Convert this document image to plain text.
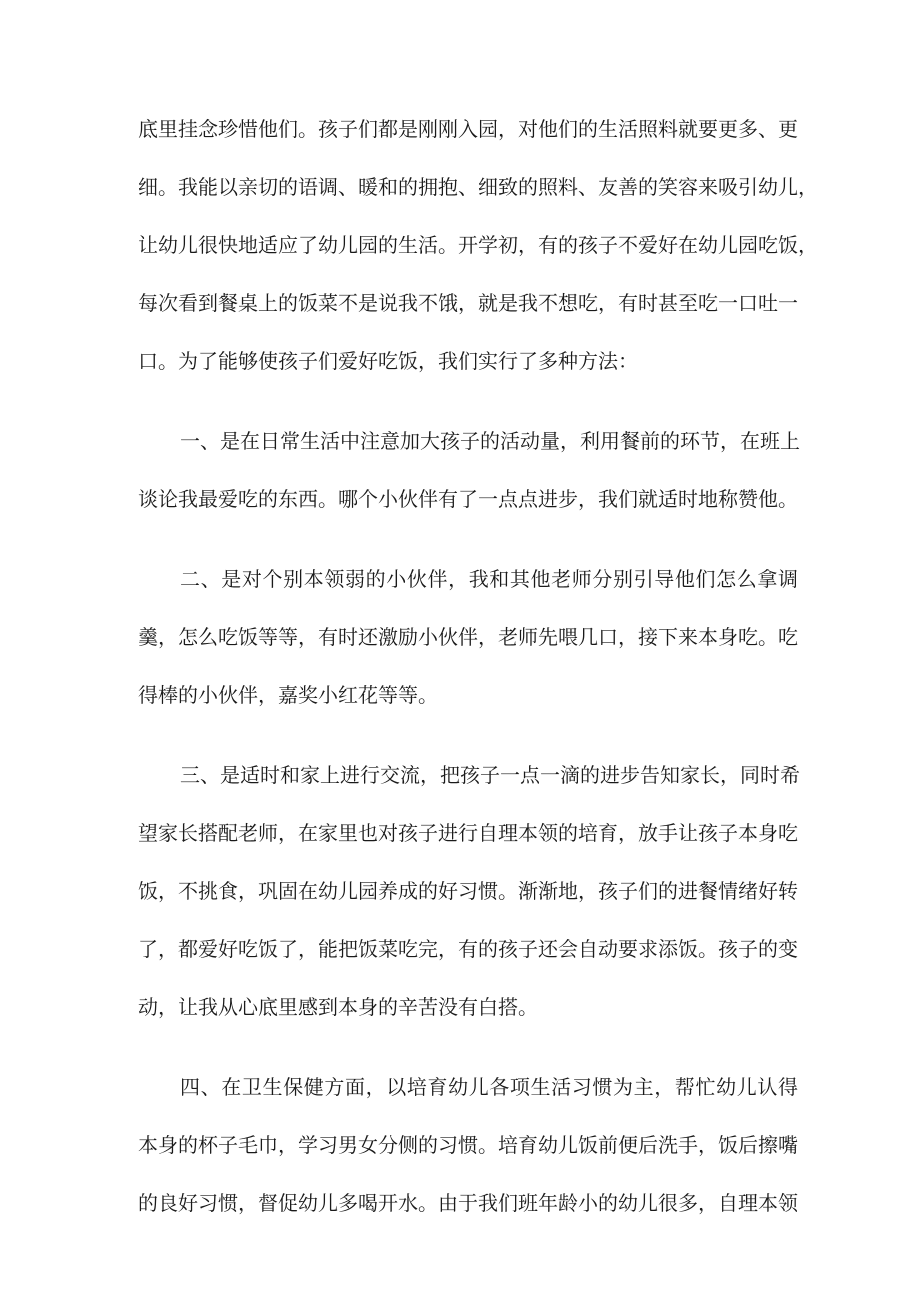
底里挂念珍惜他们。孩子们都是刚刚入园，对他们的生活照料就要更多、更
细。我能以亲切的语调、暖和的拥抱、细致的照料、友善的笑容来吸引幼儿，
让幼儿很快地适应了幼儿园的生活。开学初，有的孩子不爱好在幼儿园吃饭，
每次看到餐桌上的饭菜不是说我不饿，就是我不想吃，有时甚至吃一口吐一
口。为了能够使孩子们爱好吃饭，我们实行了多种方法：
一、是在日常生活中注意加大孩子的活动量，利用餐前的环节，在班上
谈论我最爱吃的东西。哪个小伙伴有了一点点进步，我们就适时地称赞他。
二、是对个别本领弱的小伙伴，我和其他老师分别引导他们怎么拿调
羹，怎么吃饭等等，有时还激励小伙伴，老师先喂几口，接下来本身吃。吃
得棒的小伙伴，嘉奖小红花等等。
三、是适时和家上进行交流，把孩子一点一滴的进步告知家长，同时希
望家长搭配老师，在家里也对孩子进行自理本领的培育，放手让孩子本身吃
饭，不挑食，巩固在幼儿园养成的好习惯。渐渐地，孩子们的进餐情绪好转
了，都爱好吃饭了，能把饭菜吃完，有的孩子还会自动要求添饭。孩子的变
动，让我从心底里感到本身的辛苦没有白搭。
四、在卫生保健方面，以培育幼儿各项生活习惯为主，帮忙幼儿认得
本身的杯子毛巾，学习男女分侧的习惯。培育幼儿饭前便后洗手，饭后擦嘴
的良好习惯，督促幼儿多喝开水。由于我们班年龄小的幼儿很多，自理本领
